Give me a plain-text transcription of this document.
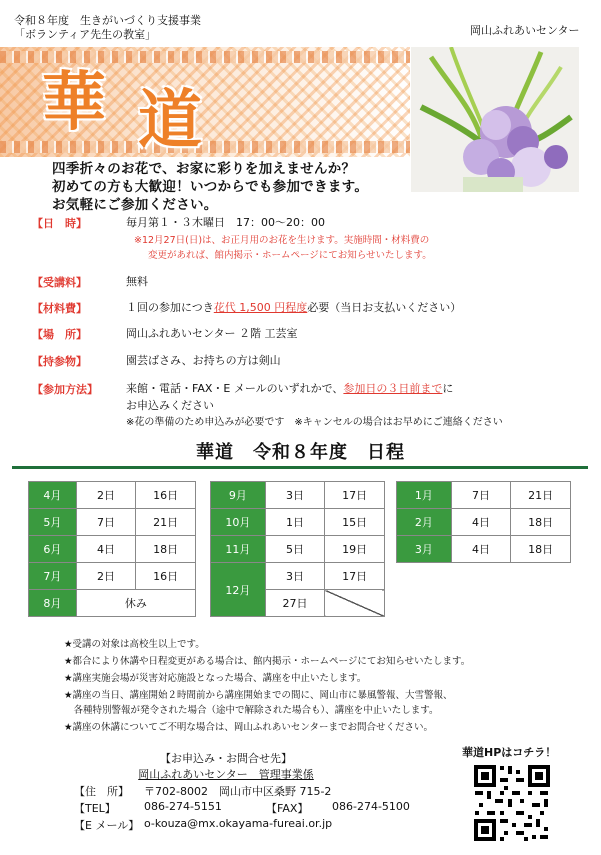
令和８年度　生きがいづくり支援事業
「ボランティア先生の教室」	岡山ふれあいセンター
華 道
四季折々のお花で、お家に彩りを加えませんか？
初めての方も大歓迎！いつからでも参加できます。
お気軽にご参加ください。
【日　時】	毎月第１・３木曜日　17：00～20：00
※12月27日(日)は、お正月用のお花を生けます。実施時間・材料費の
変更があれば、館内掲示・ホームページにてお知らせいたします。
【受講料】	無料
【材料費】	１回の参加につき花代 1,500 円程度必要（当日お支払いください）
【場　所】	岡山ふれあいセンター ２階 工芸室
【持参物】	園芸ばさみ、お持ちの方は剣山
【参加方法】	来館・電話・FAX・E メールのいずれかで、参加日の３日前までに
お申込みください
※花の準備のため申込みが必要です　※キャンセルの場合はお早めにご連絡ください
華道　令和８年度　日程
4月	2日	16日
5月	7日	21日
6月	4日	18日
7月	2日	16日
8月	休み	
9月	3日	17日
10月	1日	15日
11月	5日	19日
12月	3日	17日
	27日	
1月	7日	21日
2月	4日	18日
3月	4日	18日
★受講の対象は高校生以上です。
★都合により休講や日程変更がある場合は、館内掲示・ホームページにてお知らせいたします。
★講座実施会場が災害対応施設となった場合、講座を中止いたします。
★講座の当日、講座開始２時間前から講座開始までの間に、岡山市に暴風警報、大雪警報、
　各種特別警報が発令された場合（途中で解除された場合も）、講座を中止いたします。
★講座の休講についてご不明な場合は、岡山ふれあいセンターまでお問合せください。
【お申込み・お問合せ先】
岡山ふれあいセンター　管理事業係
【住　所】 〒702-8002　岡山市中区桑野 715-2
【TEL】	086-274-5151	【FAX】 086-274-5100
【E メール】 o-kouza@mx.okayama-fureai.or.jp
華道HPはコチラ！
